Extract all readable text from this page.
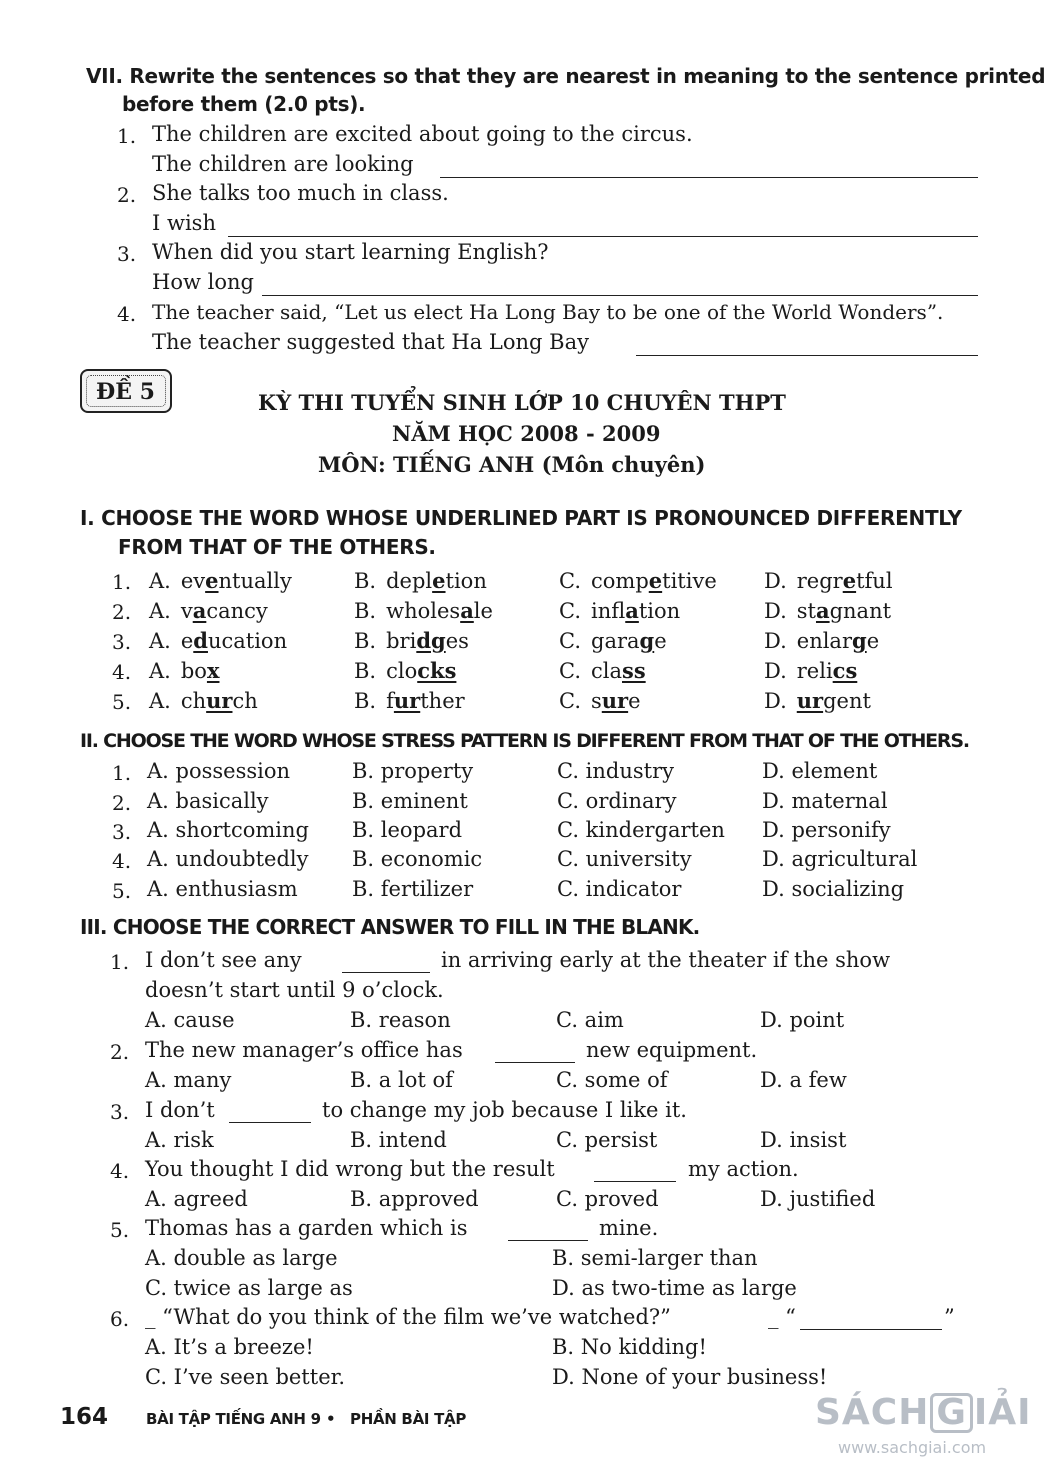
VII. Rewrite the sentences so that they are nearest in meaning to the sentence printed
before them (2.0 pts).
1. The children are excited about going to the circus.
The children are looking
2. She talks too much in class.
I wish
3. When did you start learning English?
How long
4. The teacher said, “Let us elect Ha Long Bay to be one of the World Wonders”.
The teacher suggested that Ha Long Bay
ĐỀ 5	KỲ THI TUYỂN SINH LỚP 10 CHUYÊN THPT
NĂM HỌC 2008 - 2009
MÔN: TIẾNG ANH (Môn chuyên)
I. CHOOSE THE WORD WHOSE UNDERLINED PART IS PRONOUNCED DIFFERENTLY
FROM THAT OF THE OTHERS.
1. A. eventually	B. depletion	C. competitive D. regretful
2. A. vacancy	B. wholesale	C. inflation	D. stagnant
3. A. education	B. bridges	C. garage	D. enlarge
4. A. box	B. clocks	C. class	D. relics
5. A. church	B. further	C. sure	D. urgent
II. CHOOSE THE WORD WHOSE STRESS PATTERN IS DIFFERENT FROM THAT OF THE OTHERS.
1. A. possession	B. property	C. industry	D. element
2. A. basically	B. eminent	C. ordinary	D. maternal
3. A. shortcoming B. leopard	C. kindergarten D. personify
4. A. undoubtedly B. economic	C. university	D. agricultural
5. A. enthusiasm	B. fertilizer	C. indicator	D. socializing
III. CHOOSE THE CORRECT ANSWER TO FILL IN THE BLANK.
1. I don’t see any	in arriving early at the theater if the show
doesn’t start until 9 o’clock.
A. cause	B. reason	C. aim	D. point
2. The new manager’s office has	new equipment.
A. many	B. a lot of	C. some of	D. a few
3. I don’t	to change my job because I like it.
A. risk	B. intend	C. persist	D. insist
4. You thought I did wrong but the result	my action.
A. agreed	B. approved	C. proved	D. justified
5. Thomas has a garden which is	mine.
A. double as large	B. semi-larger than
C. twice as large as	D. as two-time as large
6. _ “What do you think of the film we’ve watched?”	_ “	”
A. It’s a breeze!	B. No kidding!
C. I’ve seen better.	D. None of your business!
164	BÀI TẬP TIẾNG ANH 9 • PHẦN BÀI TẬP	SÁCH G IẢI
www.sachgiai.com
